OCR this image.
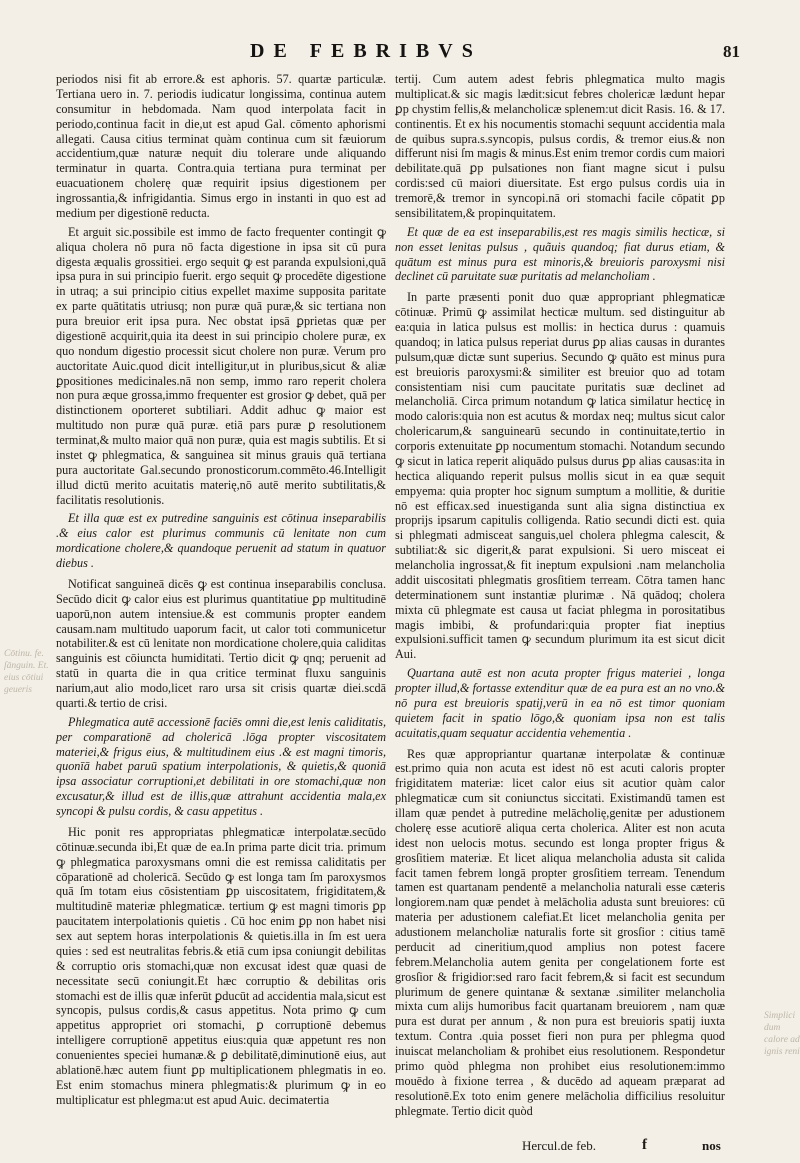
DE FEBRIBVS	81

periodos nisi fit ab errore.& est aphoris. 57. quartæ particulæ. Tertiana uero in. 7. periodis iudicatur longissima, continua autem consumitur in hebdomada. Nam quod interpolata facit in periodo,continua facit in die,ut est apud Gal. cōmento aphorismi allegati. Causa citius terminat quàm continua cum sit fæuiorum accidentium,quæ naturæ nequit diu tolerare unde aliquando terminatur in quarta. Contra.quia tertiana pura terminat per euacuationem cholerę quæ requirit ipsius digestionem per ingrossantia,& infrigidantia. Simus ergo in instanti in quo est ad medium per digestionē reducta.

Et arguit sic.possibile est immo de facto frequenter contingit ꝙ aliqua cholera nō pura nō facta digestione in ipsa sit cū pura digesta æqualis grossitiei. ergo sequit ꝙ est paranda expulsioni,quā ipsa pura in sui principio fuerit. ergo sequit ꝙ procedēte digestione in utraq; a sui principio citius expellet maxime supposita paritate ex parte quātitatis utriusq; non puræ quā puræ,& sic tertiana non pura breuior erit ipsa pura. Nec obstat ipsā ꝑprietas quæ per digestionē acquirit,quia ita deest in sui principio cholere puræ, ex quo nondum digestio processit sicut cholere non puræ. Verum pro auctoritate Auic.quod dicit intelligitur,ut in pluribus,sicut & aliæ ꝑpositiones medicinales.nā non semp, immo raro reperit cholera non pura æque grossa,immo frequenter est grosior ꝙ debet, quā per distinctionem oporteret subtiliari. Addit adhuc ꝙ maior est multitudo non puræ quā puræ. etiā pars puræ ꝑ resolutionem terminat,& multo maior quā non puræ, quia est magis subtilis. Et si instet ꝙ phlegmatica, & sanguinea sit minus grauis quā tertiana pura auctoritate Gal.secundo pronosticorum.commēto.46.Intelligit illud dictū merito acuitatis materię,nō autē merito subtilitatis,& facilitatis resolutionis.

Et illa quæ est ex putredine sanguinis est cōtinua inseparabilis .& eius calor est plurimus communis cū lenitate non cum mordicatione cholere,& quandoque peruenit ad statum in quatuor diebus .

Notificat sanguineā dicēs ꝙ est continua inseparabilis conclusa. Secūdo dicit ꝙ calor eius est plurimus quantitatiue ꝑp multitudinē uaporū,non autem intensiue.& est communis propter eandem causam.nam multitudo uaporum facit, ut calor toti communicetur notabiliter.& est cū lenitate non mordicatione cholere,quia caliditas sanguinis est cōiuncta humiditati. Tertio dicit ꝙ qnq; peruenit ad statū in quarta die in qua critice terminat fluxu sanguinis narium,aut alio modo,licet raro ursa sit crisis quartæ diei.scdā quarti.& tertio de crisi.

Phlegmatica autē accessionē faciēs omni die,est lenis caliditatis, per comparationē ad cholericā .lōga propter viscositatem materiei,& frigus eius, & multitudinem eius .& est magni timoris, quonīā habet paruū spatium interpolationis, & quietis,& quoniā ipsa associatur corruptioni,et debilitati in ore stomachi,quæ non excusatur,& illud est de illis,quæ attrahunt accidentia mala,ex syncopi & pulsu cordis, & casu appetitus .

Hic ponit res appropriatas phlegmaticæ interpolatæ.secūdo cōtinuæ.secunda ibi,Et quæ de ea.In prima parte dicit tria. primum ꝙ phlegmatica paroxysmans omni die est remissa caliditatis per cōparationē ad cholericā. Secūdo ꝙ est longa tam ſm paroxysmos quā ſm totam eius cōsistentiam ꝑp uiscositatem, frigiditatem,& multitudinē materiæ phlegmaticæ. tertium ꝙ est magni timoris ꝑp paucitatem interpolationis quietis . Cū hoc enim ꝑp non habet nisi sex aut septem horas interpolationis & quietis.illa in ſm est uera quies : sed est neutralitas febris.& etiā cum ipsa coniungit debilitas & corruptio oris stomachi,quæ non excusat idest quæ quasi de necessitate secū coniungit.Et hæc corruptio & debilitas oris stomachi est de illis quæ inferūt ꝑducūt ad accidentia mala,sicut est syncopis, pulsus cordis,& casus appetitus. Nota primo ꝙ cum appetitus appropriet ori stomachi, ꝑ corruptionē debemus intelligere corruptionē appetitus eius:quia quæ appetunt res non conuenientes speciei humanæ.& ꝑ debilitatē,diminutionē eius, aut ablationē.hæc autem fiunt ꝑp multiplicationem phlegmatis in eo. Est enim stomachus minera phlegmatis:& plurimum ꝙ in eo multiplicatur est phlegma:ut est apud Auic. decimatertia

tertij. Cum autem adest febris phlegmatica multo magis multiplicat.& sic magis lædit:sicut febres cholericæ lædunt hepar ꝑp chystim fellis,& melancholicæ splenem:ut dicit Rasis. 16. & 17. continentis. Et ex his nocumentis stomachi sequunt accidentia mala de quibus supra.s.syncopis, pulsus cordis, & tremor eius.& non differunt nisi ſm magis & minus.Est enim tremor cordis cum maiori debilitate.quā ꝑp pulsationes non fiant magne sicut i pulsu cordis:sed cū maiori diuersitate. Est ergo pulsus cordis uia in tremorē,& tremor in syncopi.nā ori stomachi facile cōpatit ꝑp sensibilitatem,& propinquitatem.

Et quæ de ea est inseparabilis,est res magis similis hecticæ, si non esset lenitas pulsus , quãuis quandoq; fiat durus etiam, & quātum est minus pura est minoris,& breuioris paroxysmi nisi declinet cū paruitate suæ puritatis ad melancholiam .

In parte præsenti ponit duo quæ appropriant phlegmaticæ cōtinuæ. Primū ꝙ assimilat hecticæ multum. sed distinguitur ab ea:quia in latica pulsus est mollis: in hectica durus : quamuis quandoq; in latica pulsus reperiat durus ꝑp alias causas in durantes pulsum,quæ dictæ sunt superius. Secundo ꝙ quāto est minus pura est breuioris paroxysmi:& similiter est breuior quo ad totam consistentiam nisi cum paucitate puritatis suæ declinet ad melancholiā. Circa primum notandum ꝙ latica similatur hecticę in modo caloris:quia non est acutus & mordax neq; multus sicut calor cholericarum,& sanguinearū secundo in continuitate,tertio in corporis extenuitate ꝑp nocumentum stomachi. Notandum secundo ꝙ sicut in latica reperit aliquādo pulsus durus ꝑp alias causas:ita in hectica aliquando reperit pulsus mollis sicut in ea quæ sequit empyema: quia propter hoc signum sumptum a mollitie, & duritie nō est efficax.sed inuestiganda sunt alia signa distinctiua ex proprijs ipsarum capitulis colligenda. Ratio secundi dicti est. quia si phlegmati admisceat sanguis,uel cholera phlegma calescit, & subtiliat:& sic digerit,& parat expulsioni. Si uero misceat ei melancholia ingrossat,& fit ineptum expulsioni .nam melancholia addit uiscositati phlegmatis grosſitiem terream. Cōtra tamen hanc determinationem sunt instantiæ plurimæ . Nā quādoq; cholera mixta cū phlegmate est causa ut faciat phlegma in porositatibus magis imbibi, & profundari:quia propter fiat ineptius expulsioni.sufficit tamen ꝙ secundum plurimum ita est sicut dicit Aui.

Quartana autē est non acuta propter frigus materiei , longa propter illud,& fortasse extenditur quæ de ea pura est an no vno.& nō pura est breuioris spatij,verū in ea nō est timor quoniam quietem facit in spatio lōgo,& quoniam ipsa non est talis acuitatis,quam sequatur accidentia vehementia .

Res quæ appropriantur quartanæ interpolatæ & continuæ est.primo quia non acuta est idest nō est acuti caloris propter frigiditatem materiæ: licet calor eius sit acutior quàm calor phlegmaticæ cum sit coniunctus siccitati. Existimandū tamen est illam quæ pendet à putredine melācholię,genitæ per adustionem cholerę esse acutiorē aliqua certa cholerica. Aliter est non acuta idest non uelocis motus. secundo est longa propter frigus & grosſitiem materiæ. Et licet aliqua melancholia adusta sit calida facit tamen febrem longā propter grosſitiem terream. Tenendum tamen est quartanam pendentē a melancholia naturali esse cæteris longiorem.nam quæ pendet à melācholia adusta sunt breuiores: cū materia per adustionem calefiat.Et licet melancholia genita per adustionem melancholiæ naturalis forte sit grosſior : citius tamē perducit ad cineritium,quod amplius non potest facere febrem.Melancholia autem genita per congelationem forte est grosſior & frigidior:sed raro facit febrem,& si facit est secundum plurimum de genere quintanæ & sextanæ .similiter melancholia mixta cum alijs humoribus facit quartanam breuiorem , nam quæ pura est durat per annum , & non pura est breuioris spatij iuxta textum. Contra .quia posset fieri non pura per phlegma quod inuiscat melancholiam & prohibet eius resolutionem. Respondetur primo quòd phlegma non prohibet eius resolutionem:immo mouēdo à fixione terrea , & ducēdo ad aqueam præparat ad resolutionē.Ex toto enim genere melācholia difficilius resoluitur phlegmate. Tertio dicit quòd

Cōtinu. fe. ſānguin. Et. eius cōtiui geueris
Simplici dum calore ad ignis reni
Hercul.de feb.	f	nos
